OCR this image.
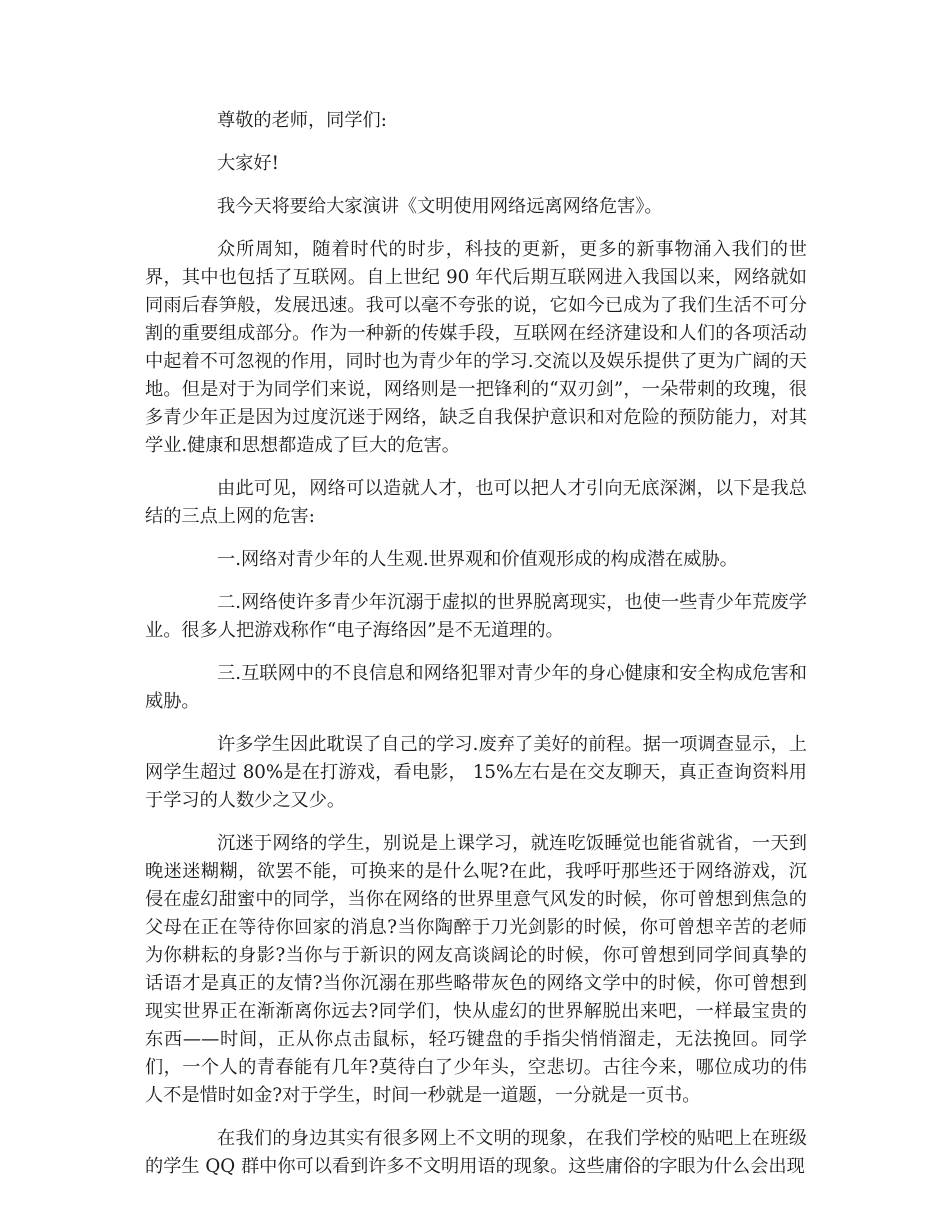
尊敬的老师，同学们:

大家好!

我今天将要给大家演讲《文明使用网络远离网络危害》。

众所周知，随着时代的时步，科技的更新，更多的新事物涌入我们的世界，其中也包括了互联网。自上世纪 90 年代后期互联网进入我国以来，网络就如同雨后春笋般，发展迅速。我可以毫不夸张的说，它如今已成为了我们生活不可分割的重要组成部分。作为一种新的传媒手段，互联网在经济建设和人们的各项活动中起着不可忽视的作用，同时也为青少年的学习.交流以及娱乐提供了更为广阔的天地。但是对于为同学们来说，网络则是一把锋利的“双刃剑”，一朵带刺的玫瑰，很多青少年正是因为过度沉迷于网络，缺乏自我保护意识和对危险的预防能力，对其学业.健康和思想都造成了巨大的危害。

由此可见，网络可以造就人才，也可以把人才引向无底深渊，以下是我总结的三点上网的危害:

一.网络对青少年的人生观.世界观和价值观形成的构成潜在威胁。

二.网络使许多青少年沉溺于虚拟的世界脱离现实，也使一些青少年荒废学业。很多人把游戏称作“电子海络因”是不无道理的。

三.互联网中的不良信息和网络犯罪对青少年的身心健康和安全构成危害和威胁。

许多学生因此耽误了自己的学习.废弃了美好的前程。据一项调查显示，上网学生超过 80%是在打游戏，看电影， 15%左右是在交友聊天，真正查询资料用于学习的人数少之又少。

沉迷于网络的学生，别说是上课学习，就连吃饭睡觉也能省就省，一天到晚迷迷糊糊，欲罢不能，可换来的是什么呢?在此，我呼吁那些还于网络游戏，沉侵在虚幻甜蜜中的同学，当你在网络的世界里意气风发的时候，你可曾想到焦急的父母在正在等待你回家的消息?当你陶醉于刀光剑影的时候，你可曾想辛苦的老师为你耕耘的身影?当你与于新识的网友高谈阔论的时候，你可曾想到同学间真挚的话语才是真正的友情?当你沉溺在那些略带灰色的网络文学中的时候，你可曾想到现实世界正在渐渐离你远去?同学们，快从虚幻的世界解脱出来吧，一样最宝贵的东西——时间，正从你点击鼠标，轻巧键盘的手指尖悄悄溜走，无法挽回。同学们，一个人的青春能有几年?莫待白了少年头，空悲切。古往今来，哪位成功的伟人不是惜时如金?对于学生，时间一秒就是一道题，一分就是一页书。

在我们的身边其实有很多网上不文明的现象，在我们学校的贴吧上在班级的学生 QQ 群中你可以看到许多不文明用语的现象。这些庸俗的字眼为什么会出现
